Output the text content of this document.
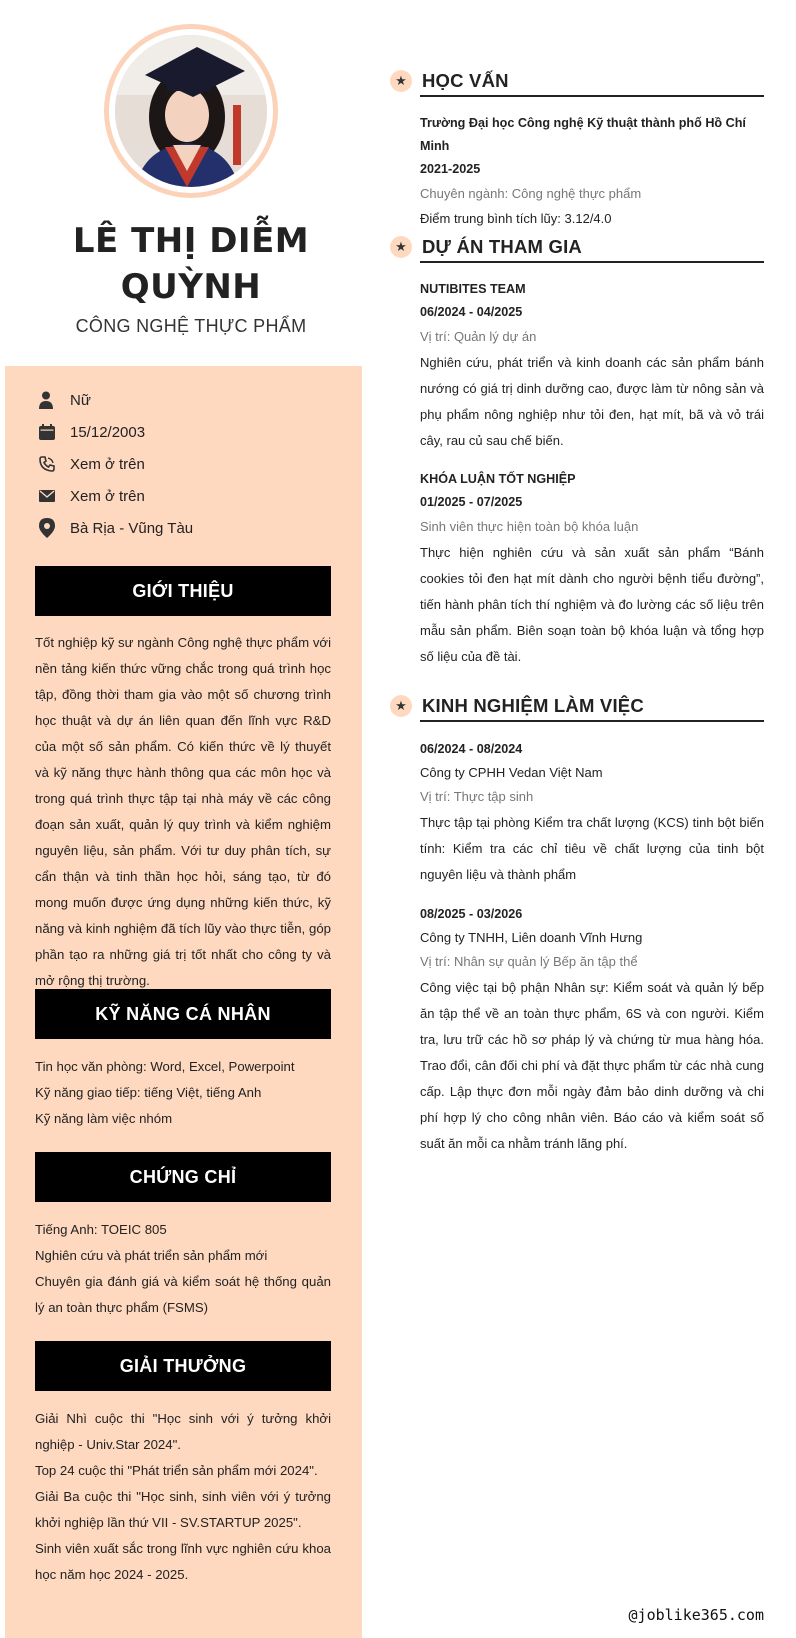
LÊ THỊ DIỄM
QUỲNH
CÔNG NGHỆ THỰC PHẨM
Nữ
15/12/2003
Xem ở trên
Xem ở trên
Bà Rịa - Vũng Tàu
GIỚI THIỆU
Tốt nghiệp kỹ sư ngành Công nghệ thực phẩm với nền tảng kiến thức vững chắc trong quá trình học tập, đồng thời tham gia vào một số chương trình học thuật và dự án liên quan đến lĩnh vực R&D của một số sản phẩm. Có kiến thức về lý thuyết và kỹ năng thực hành thông qua các môn học và trong quá trình thực tập tại nhà máy về các công đoạn sản xuất, quản lý quy trình và kiểm nghiệm nguyên liệu, sản phẩm. Với tư duy phân tích, sự cẩn thận và tinh thần học hỏi, sáng tạo, từ đó mong muốn được ứng dụng những kiến thức, kỹ năng và kinh nghiệm đã tích lũy vào thực tiễn, góp phần tạo ra những giá trị tốt nhất cho công ty và mở rộng thị trường.
KỸ NĂNG CÁ NHÂN

Tin học văn phòng: Word, Excel, Powerpoint

Kỹ năng giao tiếp: tiếng Việt, tiếng Anh

Kỹ năng làm việc nhóm

CHỨNG CHỈ

Tiếng Anh: TOEIC 805

Nghiên cứu và phát triển sản phẩm mới

Chuyên gia đánh giá và kiểm soát hệ thống quản lý an toàn thực phẩm (FSMS)

GIẢI THƯỞNG

Giải Nhì cuộc thi "Học sinh với ý tưởng khởi nghiệp - Univ.Star 2024".

Top 24 cuộc thi "Phát triển sản phẩm mới 2024".

Giải Ba cuộc thi "Học sinh, sinh viên với ý tưởng khởi nghiệp lần thứ VII - SV.STARTUP 2025".

Sinh viên xuất sắc trong lĩnh vực nghiên cứu khoa học năm học 2024 - 2025.

★ HỌC VẤN
Trường Đại học Công nghệ Kỹ thuật thành phố Hồ Chí Minh
2021-2025
Chuyên ngành: Công nghệ thực phẩm
Điểm trung bình tích lũy: 3.12/4.0
★ DỰ ÁN THAM GIA
NUTIBITES TEAM
06/2024 - 04/2025
Vị trí: Quản lý dự án
Nghiên cứu, phát triển và kinh doanh các sản phẩm bánh nướng có giá trị dinh dưỡng cao, được làm từ nông sản và phụ phẩm nông nghiệp như tỏi đen, hạt mít, bã và vỏ trái cây, rau củ sau chế biến.
KHÓA LUẬN TỐT NGHIỆP
01/2025 - 07/2025
Sinh viên thực hiện toàn bộ khóa luận
Thực hiện nghiên cứu và sản xuất sản phẩm “Bánh cookies tỏi đen hạt mít dành cho người bệnh tiểu đường”, tiến hành phân tích thí nghiệm và đo lường các số liệu trên mẫu sản phẩm. Biên soạn toàn bộ khóa luận và tổng hợp số liệu của đề tài.
★ KINH NGHIỆM LÀM VIỆC
06/2024 - 08/2024
Công ty CPHH Vedan Việt Nam
Vị trí: Thực tập sinh
Thực tập tại phòng Kiểm tra chất lượng (KCS) tinh bột biến tính: Kiểm tra các chỉ tiêu về chất lượng của tinh bột nguyên liệu và thành phẩm
08/2025 - 03/2026
Công ty TNHH, Liên doanh Vĩnh Hưng
Vị trí: Nhân sự quản lý Bếp ăn tập thể
Công việc tại bộ phận Nhân sự: Kiểm soát và quản lý bếp ăn tập thể về an toàn thực phẩm, 6S và con người. Kiểm tra, lưu trữ các hồ sơ pháp lý và chứng từ mua hàng hóa. Trao đổi, cân đối chi phí và đặt thực phẩm từ các nhà cung cấp. Lập thực đơn mỗi ngày đảm bảo dinh dưỡng và chi phí hợp lý cho công nhân viên. Báo cáo và kiểm soát số suất ăn mỗi ca nhằm tránh lãng phí.
@joblike365.com
